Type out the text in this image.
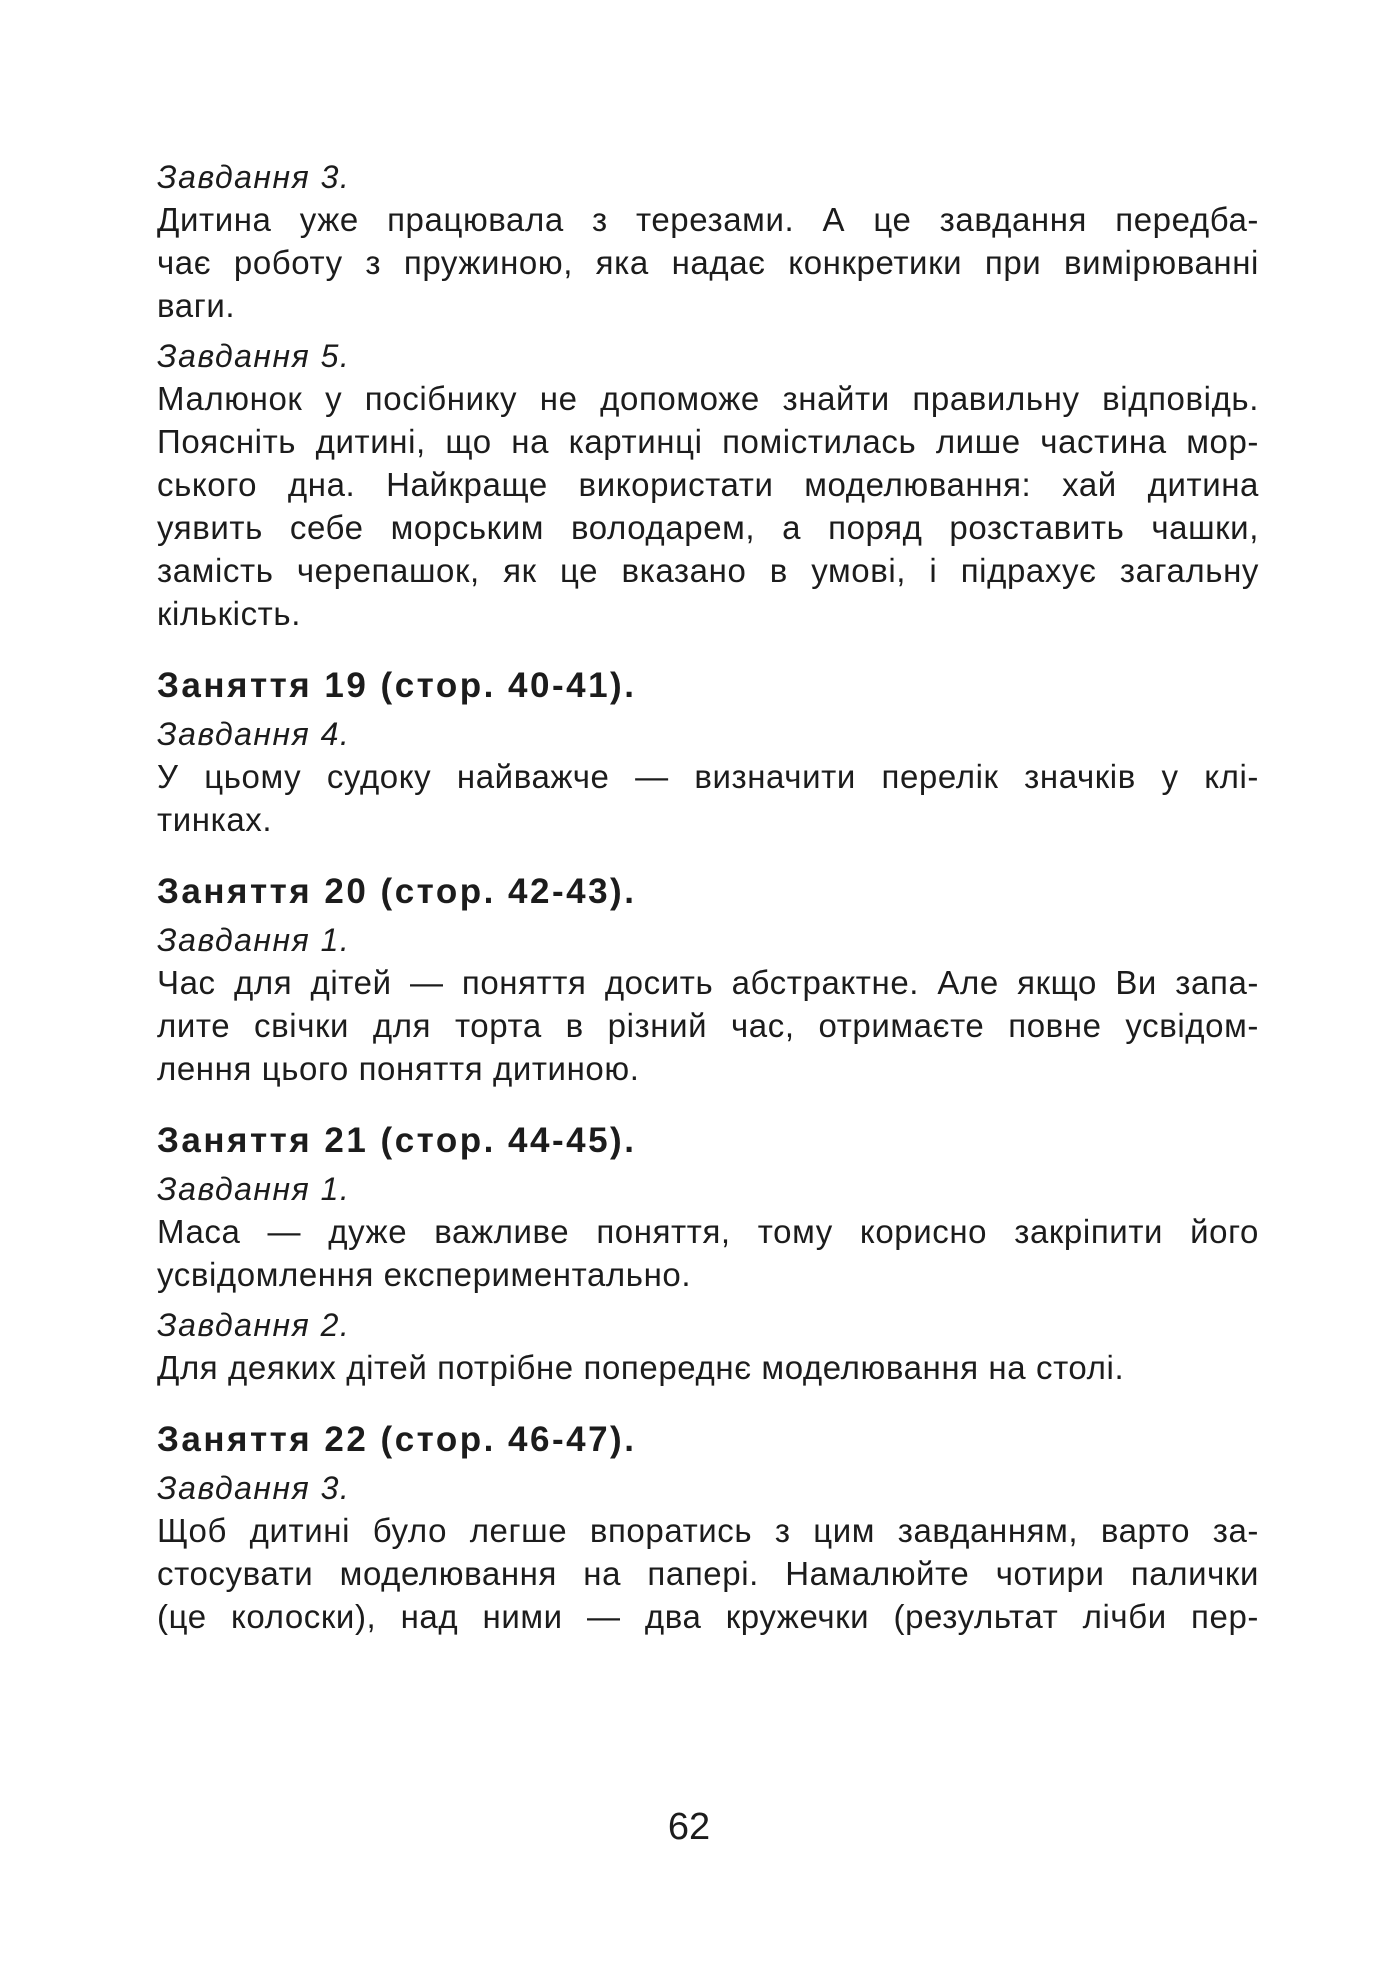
Завдання 3.

Дитина уже працювала з терезами. А це завдання передба-
чає роботу з пружиною, яка надає конкретики при вимірюванні
ваги.

Завдання 5.

Малюнок у посібнику не допоможе знайти правильну відповідь.
Поясніть дитині, що на картинці помістилась лише частина мор-
ського дна. Найкраще використати моделювання: хай дитина
уявить себе морським володарем, а поряд розставить чашки,
замість черепашок, як це вказано в умові, і підрахує загальну
кількість.

Заняття 19 (стор. 40-41).

Завдання 4.

У цьому судоку найважче — визначити перелік значків у клі-
тинках.

Заняття 20 (стор. 42-43).

Завдання 1.

Час для дітей — поняття досить абстрактне. Але якщо Ви запа-
лите свічки для торта в різний час, отримаєте повне усвідом-
лення цього поняття дитиною.

Заняття 21 (стор. 44-45).

Завдання 1.

Маса — дуже важливе поняття, тому корисно закріпити його
усвідомлення експериментально.

Завдання 2.

Для деяких дітей потрібне попереднє моделювання на столі.

Заняття 22 (стор. 46-47).

Завдання 3.

Щоб дитині було легше впоратись з цим завданням, варто за-
стосувати моделювання на папері. Намалюйте чотири палички
(це колоски), над ними — два кружечки (результат лічби пер-

62
